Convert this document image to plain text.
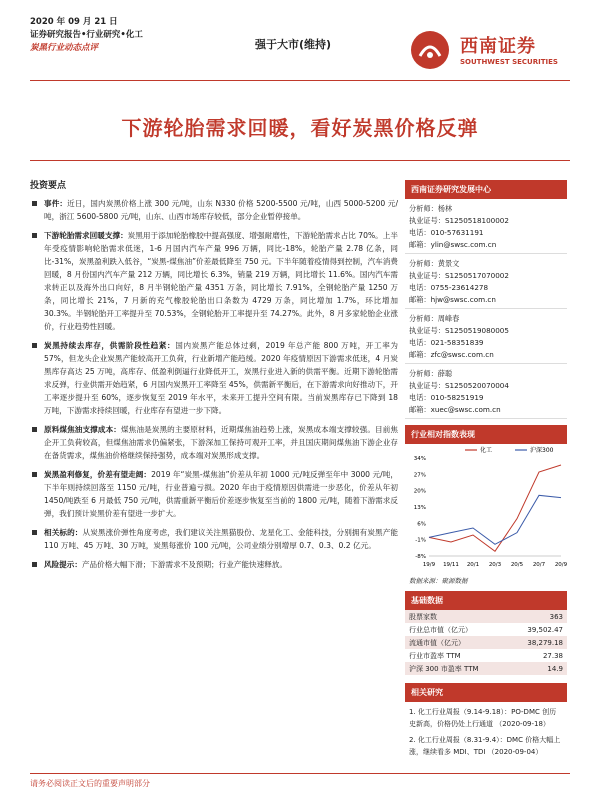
2020 年 09 月 21 日
证券研究报告•行业研究•化工
炭黑行业动态点评	强于大市(维持)	西南证券
SOUTHWEST SECURITIES
下游轮胎需求回暖，看好炭黑价格反弹
投资要点
事件：近日，国内炭黑价格上涨 300 元/吨，山东 N330 价格 5200-5500 元/吨，山西 5000-5200 元/吨，浙江 5600-5800 元/吨，山东、山西市场库存较低，部分企业暂停接单。
下游轮胎需求回暖支撑：炭黑用于添加轮胎橡胶中提高强度、增强耐磨性，下游轮胎需求占比 70%。上半年受疫情影响轮胎需求低迷，1-6 月国内汽车产量 996 万辆，同比-18%，轮胎产量 2.78 亿条，同比-31%，炭黑盈利跌入低谷，“炭黑-煤焦油”价差最低降至 750 元。下半年随着疫情得到控制，汽车消费回暖，8 月份国内汽车产量 212 万辆，同比增长 6.3%，销量 219 万辆，同比增长 11.6%。国内汽车需求转正以及海外出口向好，8 月半钢轮胎产量 4351 万条，同比增长 7.91%，全钢轮胎产量 1250 万条，同比增长 21%，7 月新的充气橡胶轮胎出口条数为 4729 万条，同比增加 1.7%，环比增加 30.3%。半钢轮胎开工率提升至 70.53%，全钢轮胎开工率提升至 74.27%。此外，8 月多家轮胎企业涨价，行业趋势性回暖。
炭黑持续去库存，供需阶段性趋紧：国内炭黑产能总体过剩，2019 年总产能 800 万吨，开工率为 57%，但龙头企业炭黑产能较高开工负荷，行业新增产能趋缓。2020 年疫情原因下游需求低迷，4 月炭黑库存高达 25 万吨，高库存、低盈利倒逼行业降低开工，炭黑行业进入新的供需平衡。近期下游轮胎需求反弹，行业供需开始趋紧，6 月国内炭黑开工率降至 45%，供需新平衡后，在下游需求向好推动下，开工率逐步提升至 60%，逐步恢复至 2019 年水平，未来开工提升空间有限。当前炭黑库存已下降到 18 万吨，下游需求持续回暖，行业库存有望进一步下降。
原料煤焦油支撑成本：煤焦油是炭黑的主要原材料，近期煤焦油趋势上涨，炭黑成本端支撑较强。目前焦企开工负荷较高，但煤焦油需求仍偏紧张，下游深加工保持可观开工率，并且国庆期间煤焦油下游企业存在备货需求，煤焦油价格继续保持强势，成本端对炭黑形成支撑。
炭黑盈利修复，价差有望走阔：2019 年“炭黑-煤焦油”价差从年初 1000 元/吨反弹至年中 3000 元/吨，下半年则持续回落至 1150 元/吨，行业普遍亏损。2020 年由于疫情原因供需进一步恶化，价差从年初 1450/吨跌至 6 月最低 750 元/吨，供需重新平衡后价差逐步恢复至当前的 1800 元/吨，随着下游需求反弹，我们预计炭黑价差有望进一步扩大。
相关标的：从炭黑涨价弹性角度考虑，我们建议关注黑猫股份、龙星化工、金能科技，分别拥有炭黑产能 110 万吨、45 万吨、30 万吨，炭黑每涨价 100 元/吨，公司业绩分别增厚 0.7、0.3、0.2 亿元。
风险提示：产品价格大幅下滑；下游需求不及预期；行业产能快速释放。
西南证券研究发展中心
分析师：杨林
执业证号：S1250518100002
电话：010-57631191
邮箱：ylin@swsc.com.cn
分析师：黄景文
执业证号：S1250517070002
电话：0755-23614278
邮箱：hjw@swsc.com.cn
分析师：周峰春
执业证号：S1250519080005
电话：021-58351839
邮箱：zfc@swsc.com.cn
分析师：薛聪
执业证号：S1250520070004
电话：010-58251919
邮箱：xuec@swsc.com.cn
行业相对指数表现
34%
27%
20%
13%
6%
-1%
-8%
19/9 19/11 20/1 20/3 20/5 20/7 20/9
化工	沪深300
数据来源：聚源数据
基础数据
股票家数	363
行业总市值（亿元）	39,502.47
流通市值（亿元）	38,279.18
行业市盈率 TTM	27.38
沪深 300 市盈率 TTM	14.9
相关研究
1. 化工行业周报（9.14-9.18）：PO-DMC 创历史新高，价格仍处上行通道 （2020-09-18）
2. 化工行业周报（8.31-9.4）：DMC 价格大幅上涨，继续看多 MDI、TDI （2020-09-04）
请务必阅读正文后的重要声明部分
